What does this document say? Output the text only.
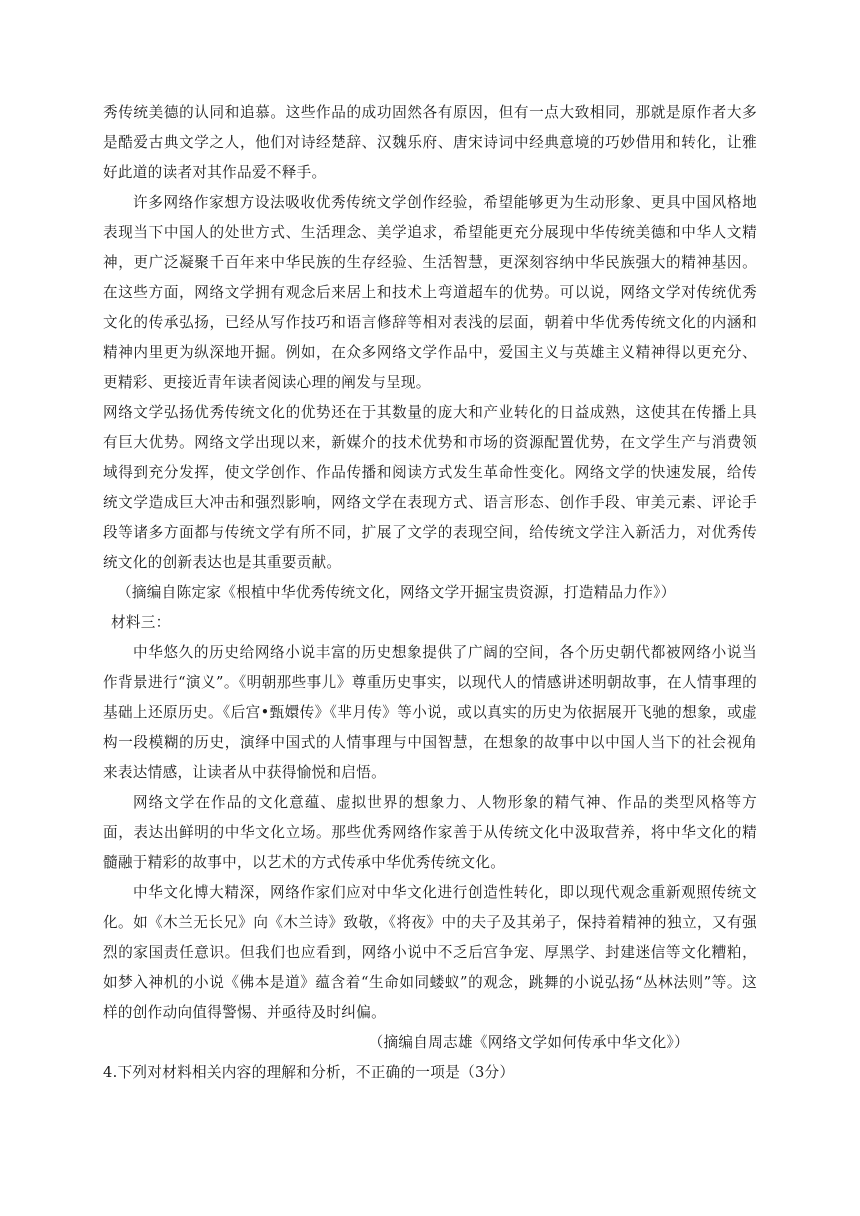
秀传统美德的认同和追慕。这些作品的成功固然各有原因，但有一点大致相同，那就是原作者大多是酷爱古典文学之人，他们对诗经楚辞、汉魏乐府、唐宋诗词中经典意境的巧妙借用和转化，让雅好此道的读者对其作品爱不释手。

许多网络作家想方设法吸收优秀传统文学创作经验，希望能够更为生动形象、更具中国风格地表现当下中国人的处世方式、生活理念、美学追求，希望能更充分展现中华传统美德和中华人文精神，更广泛凝聚千百年来中华民族的生存经验、生活智慧，更深刻容纳中华民族强大的精神基因。在这些方面，网络文学拥有观念后来居上和技术上弯道超车的优势。可以说，网络文学对传统优秀文化的传承弘扬，已经从写作技巧和语言修辞等相对表浅的层面，朝着中华优秀传统文化的内涵和精神内里更为纵深地开掘。例如，在众多网络文学作品中，爱国主义与英雄主义精神得以更充分、更精彩、更接近青年读者阅读心理的阐发与呈现。

网络文学弘扬优秀传统文化的优势还在于其数量的庞大和产业转化的日益成熟，这使其在传播上具有巨大优势。网络文学出现以来，新媒介的技术优势和市场的资源配置优势，在文学生产与消费领域得到充分发挥，使文学创作、作品传播和阅读方式发生革命性变化。网络文学的快速发展，给传统文学造成巨大冲击和强烈影响，网络文学在表现方式、语言形态、创作手段、审美元素、评论手段等诸多方面都与传统文学有所不同，扩展了文学的表现空间，给传统文学注入新活力，对优秀传统文化的创新表达也是其重要贡献。

（摘编自陈定家《根植中华优秀传统文化，网络文学开掘宝贵资源，打造精品力作》）

材料三：

中华悠久的历史给网络小说丰富的历史想象提供了广阔的空间，各个历史朝代都被网络小说当作背景进行“演义”。《明朝那些事儿》尊重历史事实，以现代人的情感讲述明朝故事，在人情事理的基础上还原历史。《后宫•甄嬛传》《芈月传》等小说，或以真实的历史为依据展开飞驰的想象，或虚构一段模糊的历史，演绎中国式的人情事理与中国智慧，在想象的故事中以中国人当下的社会视角来表达情感，让读者从中获得愉悦和启悟。

网络文学在作品的文化意蕴、虚拟世界的想象力、人物形象的精气神、作品的类型风格等方面，表达出鲜明的中华文化立场。那些优秀网络作家善于从传统文化中汲取营养，将中华文化的精髓融于精彩的故事中，以艺术的方式传承中华优秀传统文化。

中华文化博大精深，网络作家们应对中华文化进行创造性转化，即以现代观念重新观照传统文化。如《木兰无长兄》向《木兰诗》致敬，《将夜》中的夫子及其弟子，保持着精神的独立，又有强烈的家国责任意识。但我们也应看到，网络小说中不乏后宫争宠、厚黑学、封建迷信等文化糟粕，如梦入神机的小说《佛本是道》蕴含着“生命如同蝼蚁”的观念，跳舞的小说弘扬“丛林法则”等。这样的创作动向值得警惕、并亟待及时纠偏。

（摘编自周志雄《网络文学如何传承中华文化》）

4.下列对材料相关内容的理解和分析，不正确的一项是（3分）
